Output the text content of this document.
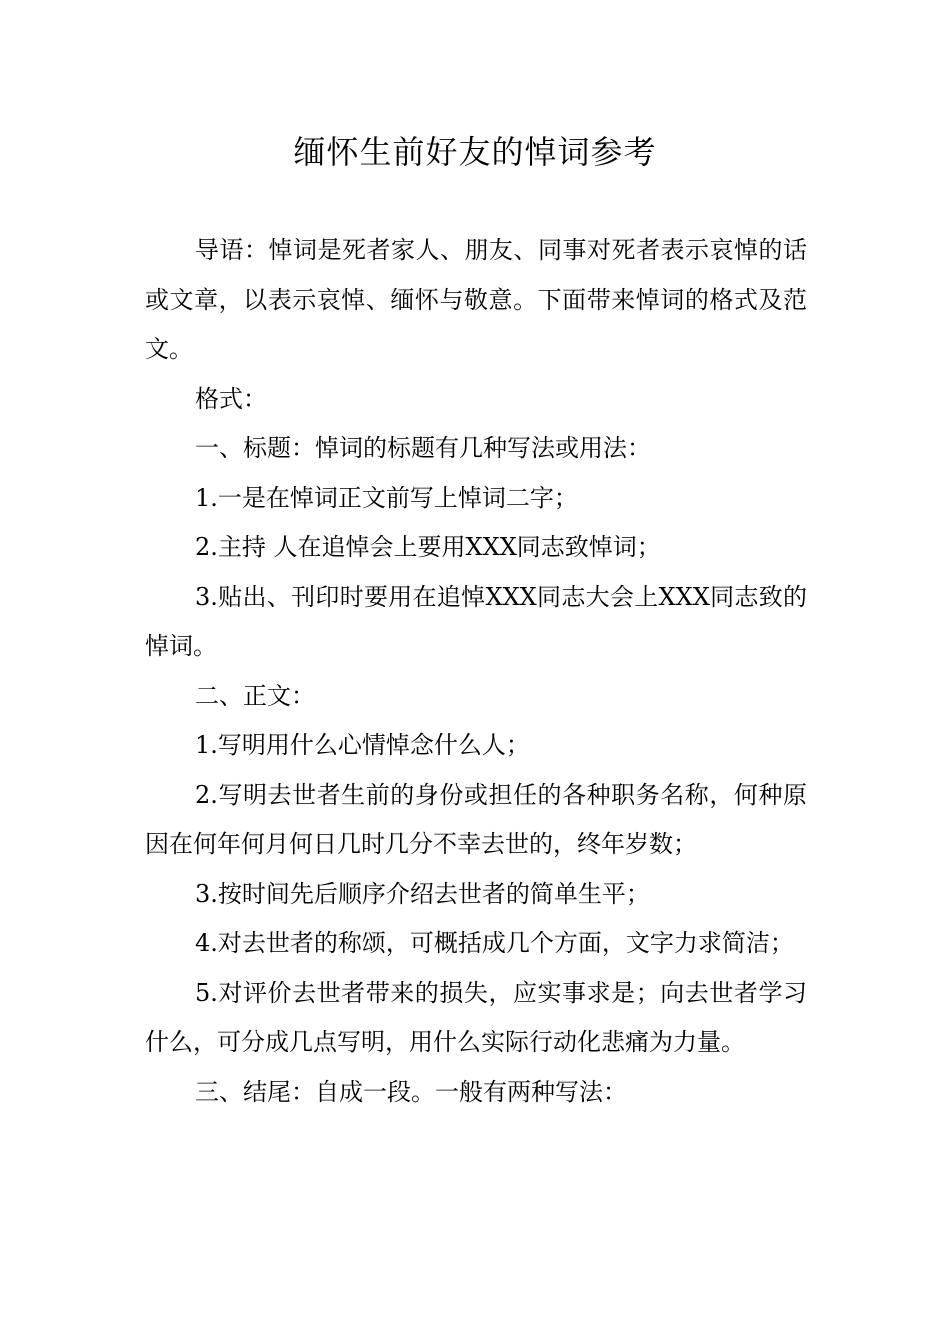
缅怀生前好友的悼词参考

导语：悼词是死者家人、朋友、同事对死者表示哀悼的话或文章，以表示哀悼、缅怀与敬意。下面带来悼词的格式及范文。

格式：

一、标题：悼词的标题有几种写法或用法：

1.一是在悼词正文前写上悼词二字；

2.主持 人在追悼会上要用XXX同志致悼词；

3.贴出、刊印时要用在追悼XXX同志大会上XXX同志致的悼词。

二、正文：

1.写明用什么心情悼念什么人；

2.写明去世者生前的身份或担任的各种职务名称，何种原因在何年何月何日几时几分不幸去世的，终年岁数；

3.按时间先后顺序介绍去世者的简单生平；

4.对去世者的称颂，可概括成几个方面，文字力求简洁；

5.对评价去世者带来的损失，应实事求是；向去世者学习什么，可分成几点写明，用什么实际行动化悲痛为力量。

三、结尾：自成一段。一般有两种写法：
